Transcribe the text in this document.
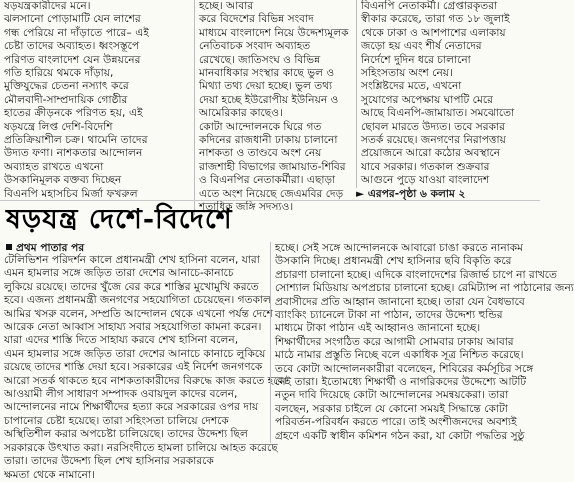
ষড়যন্ত্রকারীদের মনে।
ঝলসানো পোড়ামাটি যেন লাশের
গন্ধ পেরিয়ে না দাঁড়াতে পারে– এই
চেষ্টা তাদের অব্যাহত। ধ্বংসস্তূপে
পরিণত বাংলাদেশ যেন উন্নয়নের
গতি হারিয়ে থমকে দাঁড়ায়,
মুক্তিযুদ্ধের চেতনা নস্যাৎ করে
মৌলবাদী-সাম্প্রদায়িক গোষ্ঠীর
হাতের ক্রীড়নকে পরিণত হয়, এই
ষড়যন্ত্রে লিপ্ত দেশি-বিদেশি
প্রতিক্রিয়াশীল চক্র। থামেনি তাদের
উদ্যত ফণা। নাশকতার আন্দোলন
অব্যাহত রাখতে এখনো
উসকানিমূলক বক্তব্য দিচ্ছেন
বিএনপি মহাসচিব মির্জা ফখরুল
হচ্ছে। আবার
করে বিদেশের বিভিন্ন সংবাদ
মাধ্যমে বাংলাদেশ নিয়ে উদ্দেশ্যমূলক
নেতিবাচক সংবাদ অব্যাহত
রেখেছে। জাতিসংঘ ও বিভিন্ন
মানবাধিকার সংস্থার কাছে ভুল ও
মিথ্যা তথ্য দেয়া হচ্ছে। ভুল তথ্য
দেয়া হচ্ছে ইউরোপীয় ইউনিয়ন ও
আমেরিকার কাছেও।
কোটা আন্দোলনকে ঘিরে গত
কদিনের রাজধানী ঢাকায় চালানো
নাশকতা ও তাণ্ডবে অংশ নেয়
রাজশাহী বিভাগের জামায়াত-শিবির
ও বিএনপির নেতাকর্মীরা। এছাড়া
এতে অংশ নিয়েছে জেএমবির দেড়
শতাধিক জঙ্গি সদস্যও।
বিএনপি নেতাকর্মী। গ্রেপ্তারকৃতরা
স্বীকার করেছে, তারা গত ১৮ জুলাই
থেকে ঢাকা ও আশপাশের এলাকায়
জড়ো হয় এবং শীর্ষ নেতাদের
নির্দেশে দুদিন ধরে চালানো
সহিংসতায় অংশ নেয়।
সংশ্লিষ্টদের মতে, এখনো
সুযোগের অপেক্ষায় ঘাপটি মেরে
আছে বিএনপি-জামায়াত। সমঝোতো
ছোবল মারতে উদ্যত। তবে সরকার
সতর্ক রয়েছে। জনগণের নিরাপত্তায়
প্রয়োজনে আরো কঠোর অবস্থানে
যাবে সরকার। গতকাল শুক্রবার
আগুনে পুড়ে যাওয়া বাংলাদেশ
► এরপর-পৃষ্ঠা ৬ কলাম ২
ষড়যন্ত্র দেশে-বিদেশে
প্রথম পাতার পর
টেলিভিশন পরিদর্শন কালে প্রধানমন্ত্রী শেখ হাসিনা বলেন, যারা
এমন হামলার সঙ্গে জড়িত তারা দেশের আনাচে-কানাচে
লুকিয়ে রয়েছে। তাদের খুঁজে বের করে শাস্তির মুখোমুখি করতে
হবে। এজন্য প্রধানমন্ত্রী জনগণের সহযোগিতা চেয়েছেন। গতকাল
আমির খসরু বলেন, সম্প্রতি আন্দোলন থেকে এখনো পর্যন্ত দেশে
আরেক নেতা আব্বাস সাহায্য সবার সহযোগিতা কামনা করেন।
যারা এদের শাস্তি দিতে সাহায্য করবে শেখ হাসিনা বলেন,
এমন হামলার সঙ্গে জড়িত তারা দেশের আনাচে কানাচে লুকিয়ে
রয়েছে তাদের শাস্তি দেয়া হবে। সরকারের এই নির্দেশ জনগণকে
আরো সতর্ক থাকতে হবে নাশকতাকারীদের বিরুদ্ধে কাজ করতে হবে।
আওয়ামী লীগ সাধারণ সম্পাদক ওবায়দুল কাদের বলেন,
আন্দোলনের নামে শিক্ষার্থীদের হত্যা করে সরকারের ওপর দায়
চাপানোর চেষ্টা হয়েছে। তারা সহিংসতা চালিয়ে দেশকে
অস্থিতিশীল করার অপচেষ্টা চালিয়েছে। তাদের উদ্দেশ্য ছিল
সরকারকে উৎখাত করা। নরসিংদীতে হামলা চালিয়ে আহত করেছে
তারা। তাদের উদ্দেশ্য ছিল শেখ হাসিনার সরকারকে
ক্ষমতা থেকে নামানো।
হচ্ছে। সেই সঙ্গে আন্দোলনকে আবারো চাঙা করতে নানাকম
উসকানি দিচ্ছে। প্রধানমন্ত্রী শেখ হাসিনার ছবি বিকৃতি করে
প্রচারণা চালানো হচ্ছে। এদিকে বাংলাদেশের রিজার্ভ চাপে না রাখতে
সোশ্যাল মিডিয়ায় অপপ্রচার চালানো হচ্ছে। রেমিট্যান্স না পাঠানোর জন্য
প্রবাসীদের প্রতি আহ্বান জানানো হচ্ছে। তারা যেন বৈধভাবে
ব্যাংকিং চ্যানেলে টাকা না পাঠান, তাদের উদ্দেশ্য হুন্ডির
মাধ্যমে টাকা পাঠান এই আহ্বানও জানানো হচ্ছে।
শিক্ষার্থীদের সংগঠিত করে আগামী সোমবার ঢাকায় আবার
মাঠে নামার প্রস্তুতি নিচ্ছে বলে একাধিক সূত্র নিশ্চিত করেছে।
তবে কোটা আন্দোলনকারীরা বলেছেন, শিবিরের কর্মসূচির সঙ্গে
নেই তারা। ইতোমধ্যে শিক্ষার্থী ও নাগরিকদের উদ্দেশ্যে আটটি
নতুন দাবি দিয়েছে কোটা আন্দোলনের সমন্বয়কেরা। তারা
বলছেন, সরকার চাইলে যে কোনো সময়ই সিদ্ধান্তে কোটা
পরিবর্তন-পরিবর্ধন করতে পারে। তাই অংশীজনদের অবশ্যই
গ্রহণে একটি স্বাধীন কমিশন গঠন করা, যা কোটা পদ্ধতির সুষ্ঠু
